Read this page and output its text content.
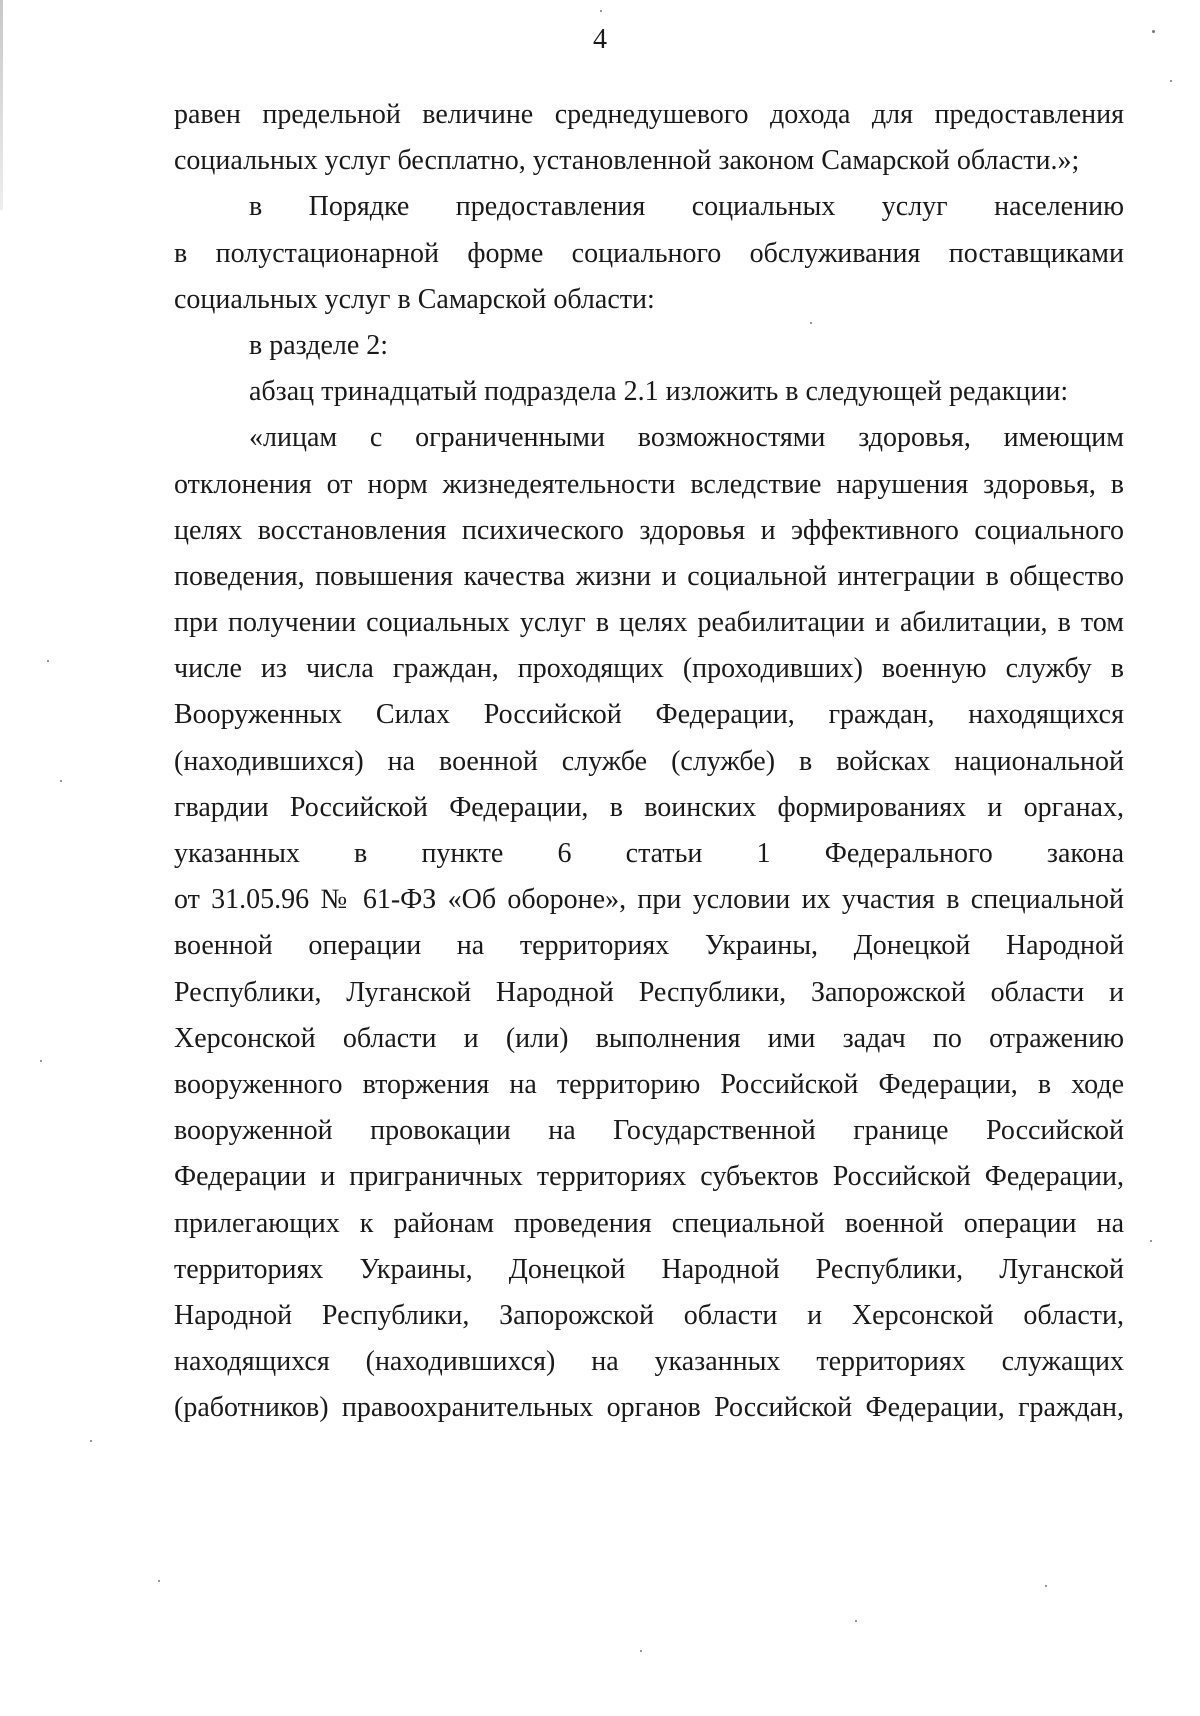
4
равен предельной величине среднедушевого дохода для предоставления
социальных услуг бесплатно, установленной законом Самарской области.»;
в Порядке предоставления социальных услуг населению
в полустационарной форме социального обслуживания поставщиками
социальных услуг в Самарской области:
в разделе 2:
абзац тринадцатый подраздела 2.1 изложить в следующей редакции:
«лицам с ограниченными возможностями здоровья, имеющим
отклонения от норм жизнедеятельности вследствие нарушения здоровья, в
целях восстановления психического здоровья и эффективного социального
поведения, повышения качества жизни и социальной интеграции в общество
при получении социальных услуг в целях реабилитации и абилитации, в том
числе из числа граждан, проходящих (проходивших) военную службу в
Вооруженных Силах Российской Федерации, граждан, находящихся
(находившихся) на военной службе (службе) в войсках национальной
гвардии Российской Федерации, в воинских формированиях и органах,
указанных в пункте 6 статьи 1 Федерального закона
от 31.05.96 № 61-ФЗ «Об обороне», при условии их участия в специальной
военной операции на территориях Украины, Донецкой Народной
Республики, Луганской Народной Республики, Запорожской области и
Херсонской области и (или) выполнения ими задач по отражению
вооруженного вторжения на территорию Российской Федерации, в ходе
вооруженной провокации на Государственной границе Российской
Федерации и приграничных территориях субъектов Российской Федерации,
прилегающих к районам проведения специальной военной операции на
территориях Украины, Донецкой Народной Республики, Луганской
Народной Республики, Запорожской области и Херсонской области,
находящихся (находившихся) на указанных территориях служащих
(работников) правоохранительных органов Российской Федерации, граждан,
